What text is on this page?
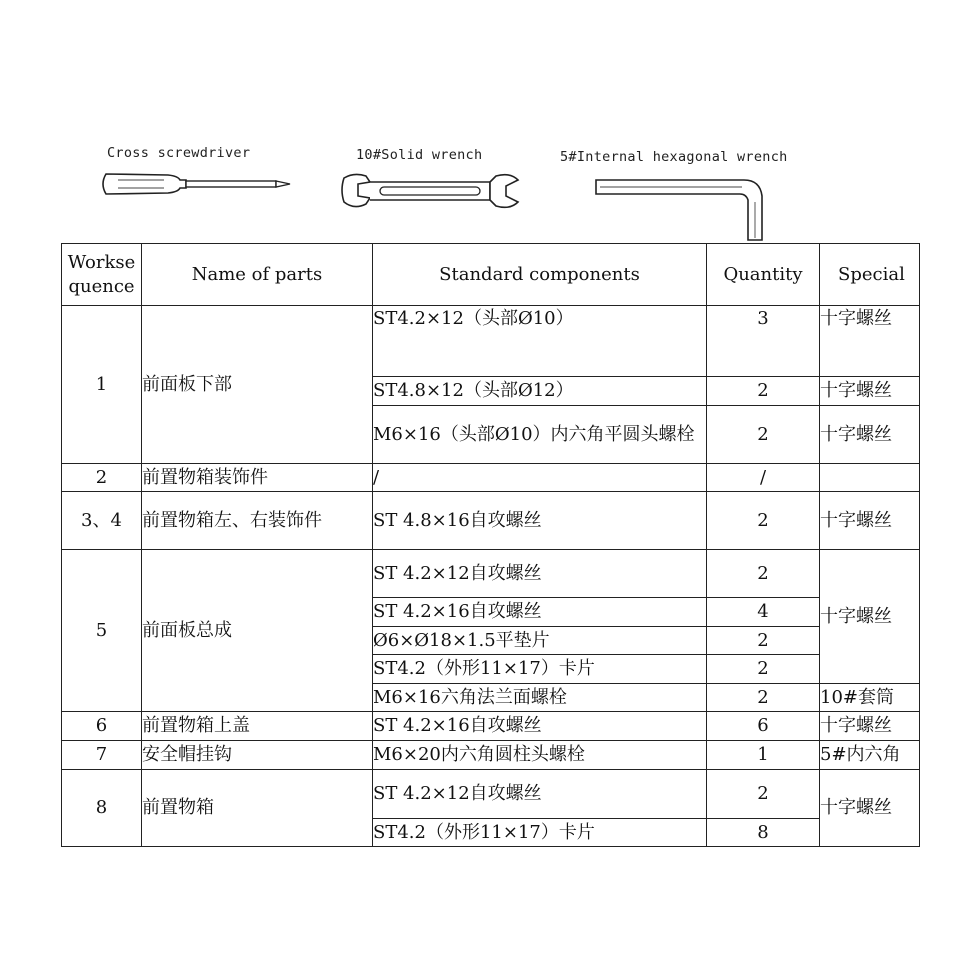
Cross screwdriver	10#Solid wrench	5#Internal hexagonal wrench
Workse quence	Name of parts	Standard components	Quantity	Special
1	前面板下部	ST4.2×12（头部Ø10）	3	十字螺丝
		ST4.8×12（头部Ø12）	2	十字螺丝
		M6×16（头部Ø10）内六角平圆头螺栓	2	十字螺丝
2	前置物箱装饰件	/	/	
3、4	前置物箱左、右装饰件	ST 4.8×16自攻螺丝	2	十字螺丝
5	前面板总成	ST 4.2×12自攻螺丝	2	十字螺丝
		ST 4.2×16自攻螺丝	4	
		Ø6×Ø18×1.5平垫片	2	
		ST4.2（外形11×17）卡片	2	
		M6×16六角法兰面螺栓	2	10#套筒
6	前置物箱上盖	ST 4.2×16自攻螺丝	6	十字螺丝
7	安全帽挂钩	M6×20内六角圆柱头螺栓	1	5#内六角
8	前置物箱	ST 4.2×12自攻螺丝	2	十字螺丝
		ST4.2（外形11×17）卡片	8	
